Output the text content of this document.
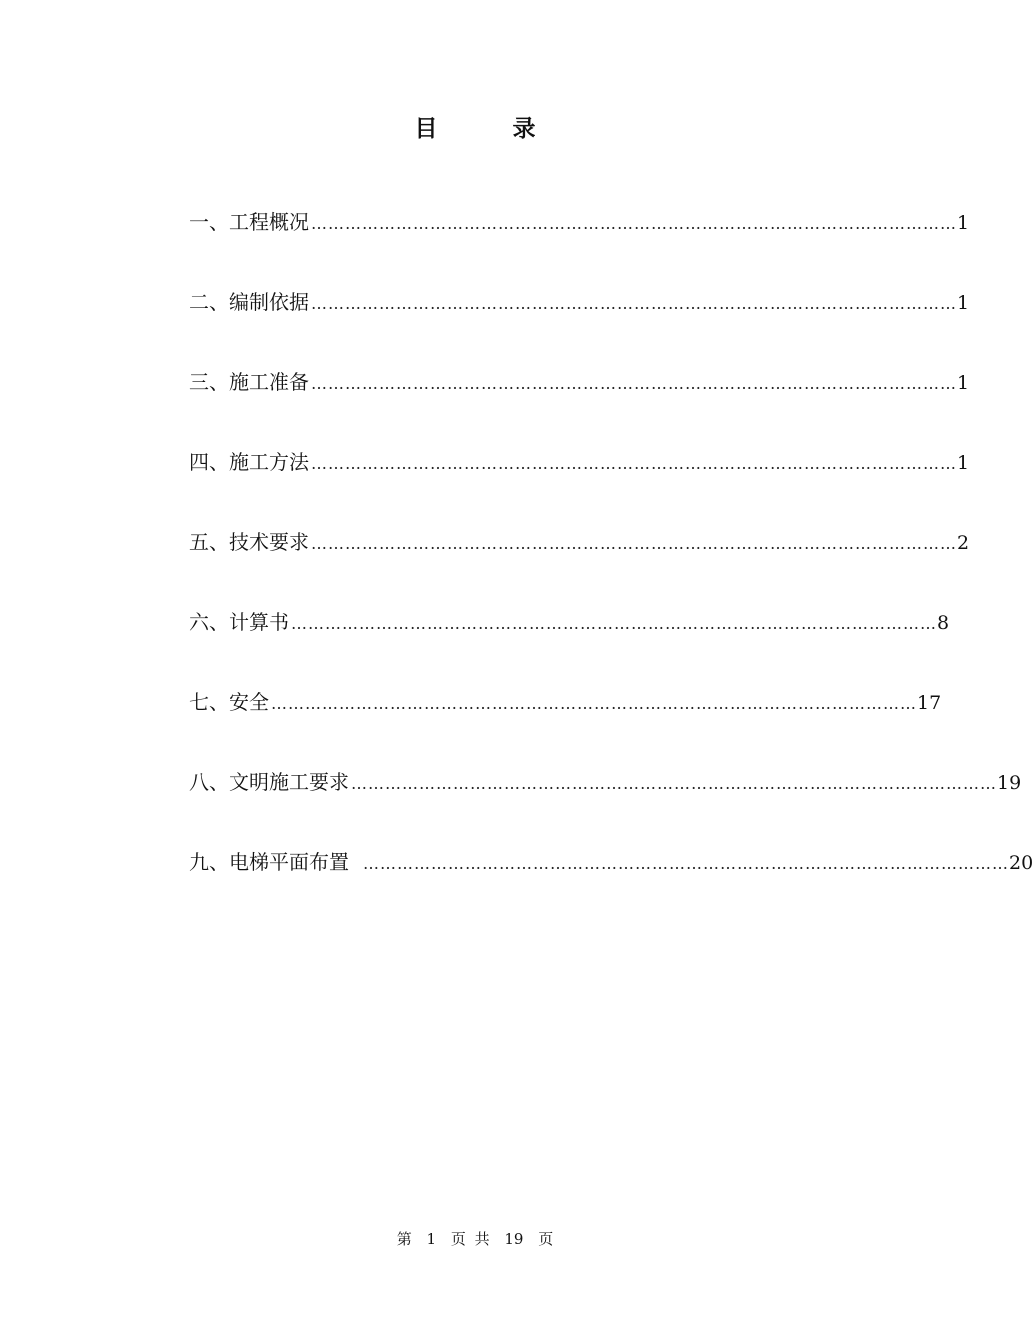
目　录
一、工程概况 …………………………………………………………………………………………………… 1
二、编制依据 …………………………………………………………………………………………………… 1
三、施工准备 …………………………………………………………………………………………………… 1
四、施工方法 …………………………………………………………………………………………………… 1
五、技术要求 …………………………………………………………………………………………………… 2
六、计算书 …………………………………………………………………………………………………… 8
七、安全 …………………………………………………………………………………………………… 17
八、文明施工要求 …………………………………………………………………………………………………… 19
九、电梯平面布置 …………………………………………………………………………………………………… 20
第 1 页 共 19 页
